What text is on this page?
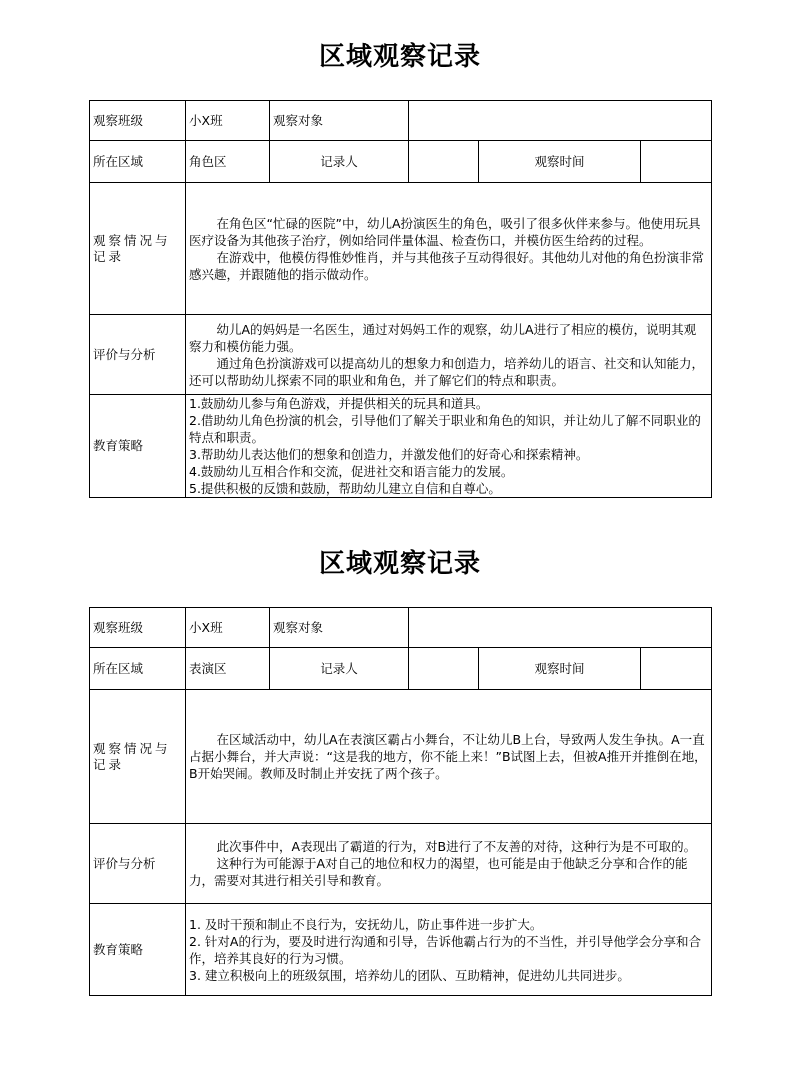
区域观察记录
观察班级	小X班	观察对象			
所在区域	角色区	记录人		观察时间	
观察情况与记录	在角色区“忙碌的医院”中，幼儿A扮演医生的角色，吸引了很多伙伴来参与。他使用玩具医疗设备为其他孩子治疗，例如给同伴量体温、检查伤口，并模仿医生给药的过程。

在游戏中，他模仿得惟妙惟肖，并与其他孩子互动得很好。其他幼儿对他的角色扮演非常感兴趣，并跟随他的指示做动作。				

评价与分析	幼儿A的妈妈是一名医生，通过对妈妈工作的观察，幼儿A进行了相应的模仿，说明其观察力和模仿能力强。

通过角色扮演游戏可以提高幼儿的想象力和创造力，培养幼儿的语言、社交和认知能力，还可以帮助幼儿探索不同的职业和角色，并了解它们的特点和职责。				

教育策略	1.鼓励幼儿参与角色游戏，并提供相关的玩具和道具。
2.借助幼儿角色扮演的机会，引导他们了解关于职业和角色的知识，并让幼儿了解不同职业的特点和职责。
3.帮助幼儿表达他们的想象和创造力，并激发他们的好奇心和探索精神。
4.鼓励幼儿互相合作和交流，促进社交和语言能力的发展。
5.提供积极的反馈和鼓励，帮助幼儿建立自信和自尊心。				
区域观察记录
观察班级	小X班	观察对象			
所在区域	表演区	记录人		观察时间	
观察情况与记录	在区域活动中，幼儿A在表演区霸占小舞台，不让幼儿B上台，导致两人发生争执。A一直占据小舞台，并大声说：“这是我的地方，你不能上来！”B试图上去，但被A推开并推倒在地，B开始哭闹。教师及时制止并安抚了两个孩子。				

评价与分析	此次事件中，A表现出了霸道的行为，对B进行了不友善的对待，这种行为是不可取的。

这种行为可能源于A对自己的地位和权力的渴望，也可能是由于他缺乏分享和合作的能力，需要对其进行相关引导和教育。				

教育策略	1. 及时干预和制止不良行为，安抚幼儿，防止事件进一步扩大。
2. 针对A的行为，要及时进行沟通和引导，告诉他霸占行为的不当性，并引导他学会分享和合作，培养其良好的行为习惯。
3. 建立积极向上的班级氛围，培养幼儿的团队、互助精神，促进幼儿共同进步。				
